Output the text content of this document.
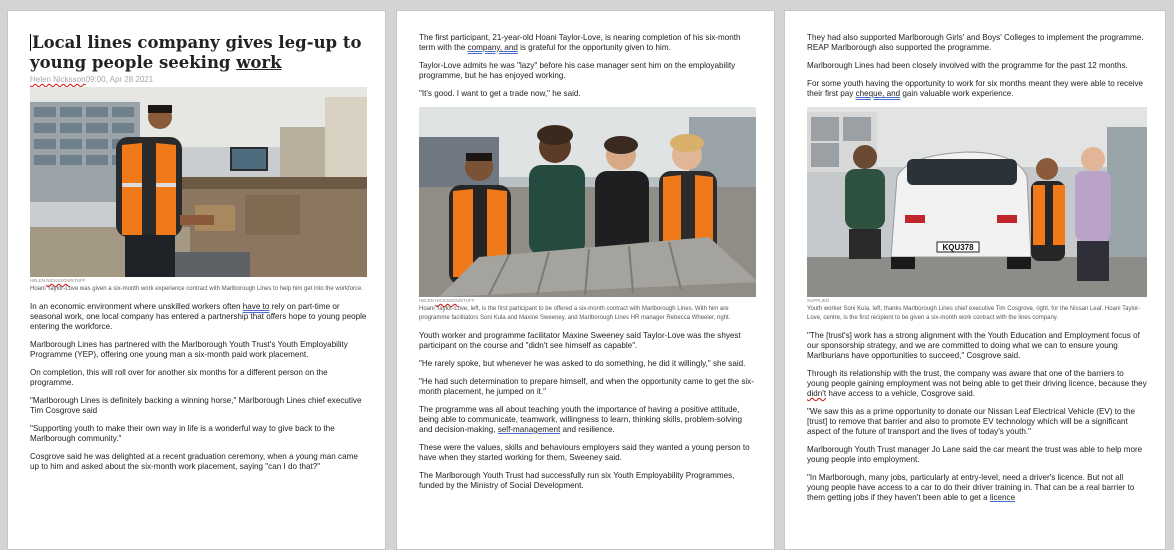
Local lines company gives leg-up to young people seeking work
Helen Nicksson09:00, Apr 28 2021
HELEN NICKSSON/STUFF
Hoani Taylor-Love was given a six-month work experience contract with Marlborough Lines to help him get into the workforce.

In an economic environment where unskilled workers often have to rely on part-time or seasonal work, one local company has entered a partnership that offers hope to young people entering the workforce.

Marlborough Lines has partnered with the Marlborough Youth Trust's Youth Employability Programme (YEP), offering one young man a six-month paid work placement.

On completion, this will roll over for another six months for a different person on the programme.

"Marlborough Lines is definitely backing a winning horse," Marlborough Lines chief executive Tim Cosgrove said

"Supporting youth to make their own way in life is a wonderful way to give back to the Marlborough community."

Cosgrove said he was delighted at a recent graduation ceremony, when a young man came up to him and asked about the six-month work placement, saying "can I do that?"

The first participant, 21-year-old Hoani Taylor-Love, is nearing completion of his six-month term with the company, and is grateful for the opportunity given to him.

Taylor-Love admits he was "lazy" before his case manager sent him on the employability programme, but he has enjoyed working.

"It's good. I want to get a trade now," he said.

HELEN NICKSSON/STUFF
Hoani Taylor-Love, left, is the first participant to be offered a six-month contract with Marlborough Lines. With him are programme facilitators Soni Kula and Maxine Sweeney, and Marlborough Lines HR manager Rebecca Wheeler, right.

Youth worker and programme facilitator Maxine Sweeney said Taylor-Love was the shyest participant on the course and "didn't see himself as capable".

"He rarely spoke, but whenever he was asked to do something, he did it willingly," she said.

"He had such determination to prepare himself, and when the opportunity came to get the six-month placement, he jumped on it."

The programme was all about teaching youth the importance of having a positive attitude, being able to communicate, teamwork, willingness to learn, thinking skills, problem-solving and decision-making, self-management and resilience.

These were the values, skills and behaviours employers said they wanted a young person to have when they started working for them, Sweeney said.

The Marlborough Youth Trust had successfully run six Youth Employability Programmes, funded by the Ministry of Social Development.

They had also supported Marlborough Girls' and Boys' Colleges to implement the programme. REAP Marlborough also supported the programme.

Marlborough Lines had been closely involved with the programme for the past 12 months.

For some youth having the opportunity to work for six months meant they were able to receive their first pay cheque, and gain valuable work experience.

KQU378
SUPPLIED
Youth worker Soni Kula, left, thanks Marlborough Lines chief executive Tim Cosgrove, right, for the Nissan Leaf. Hoani Taylor-Love, centre, is the first recipient to be given a six-month work contract with the lines company.

"The [trust's] work has a strong alignment with the Youth Education and Employment focus of our sponsorship strategy, and we are committed to doing what we can to ensure young Marlburians have opportunities to succeed," Cosgrove said.

Through its relationship with the trust, the company was aware that one of the barriers to young people gaining employment was not being able to get their driving licence, because they didn't have access to a vehicle, Cosgrove said.

"We saw this as a prime opportunity to donate our Nissan Leaf Electrical Vehicle (EV) to the [trust] to remove that barrier and also to promote EV technology which will be a significant aspect of the future of transport and the lives of today's youth."

Marlborough Youth Trust manager Jo Lane said the car meant the trust was able to help more young people into employment.

"In Marlborough, many jobs, particularly at entry-level, need a driver's licence. But not all young people have access to a car to do their driver training in. That can be a real barrier to them getting jobs if they haven't been able to get a licence
